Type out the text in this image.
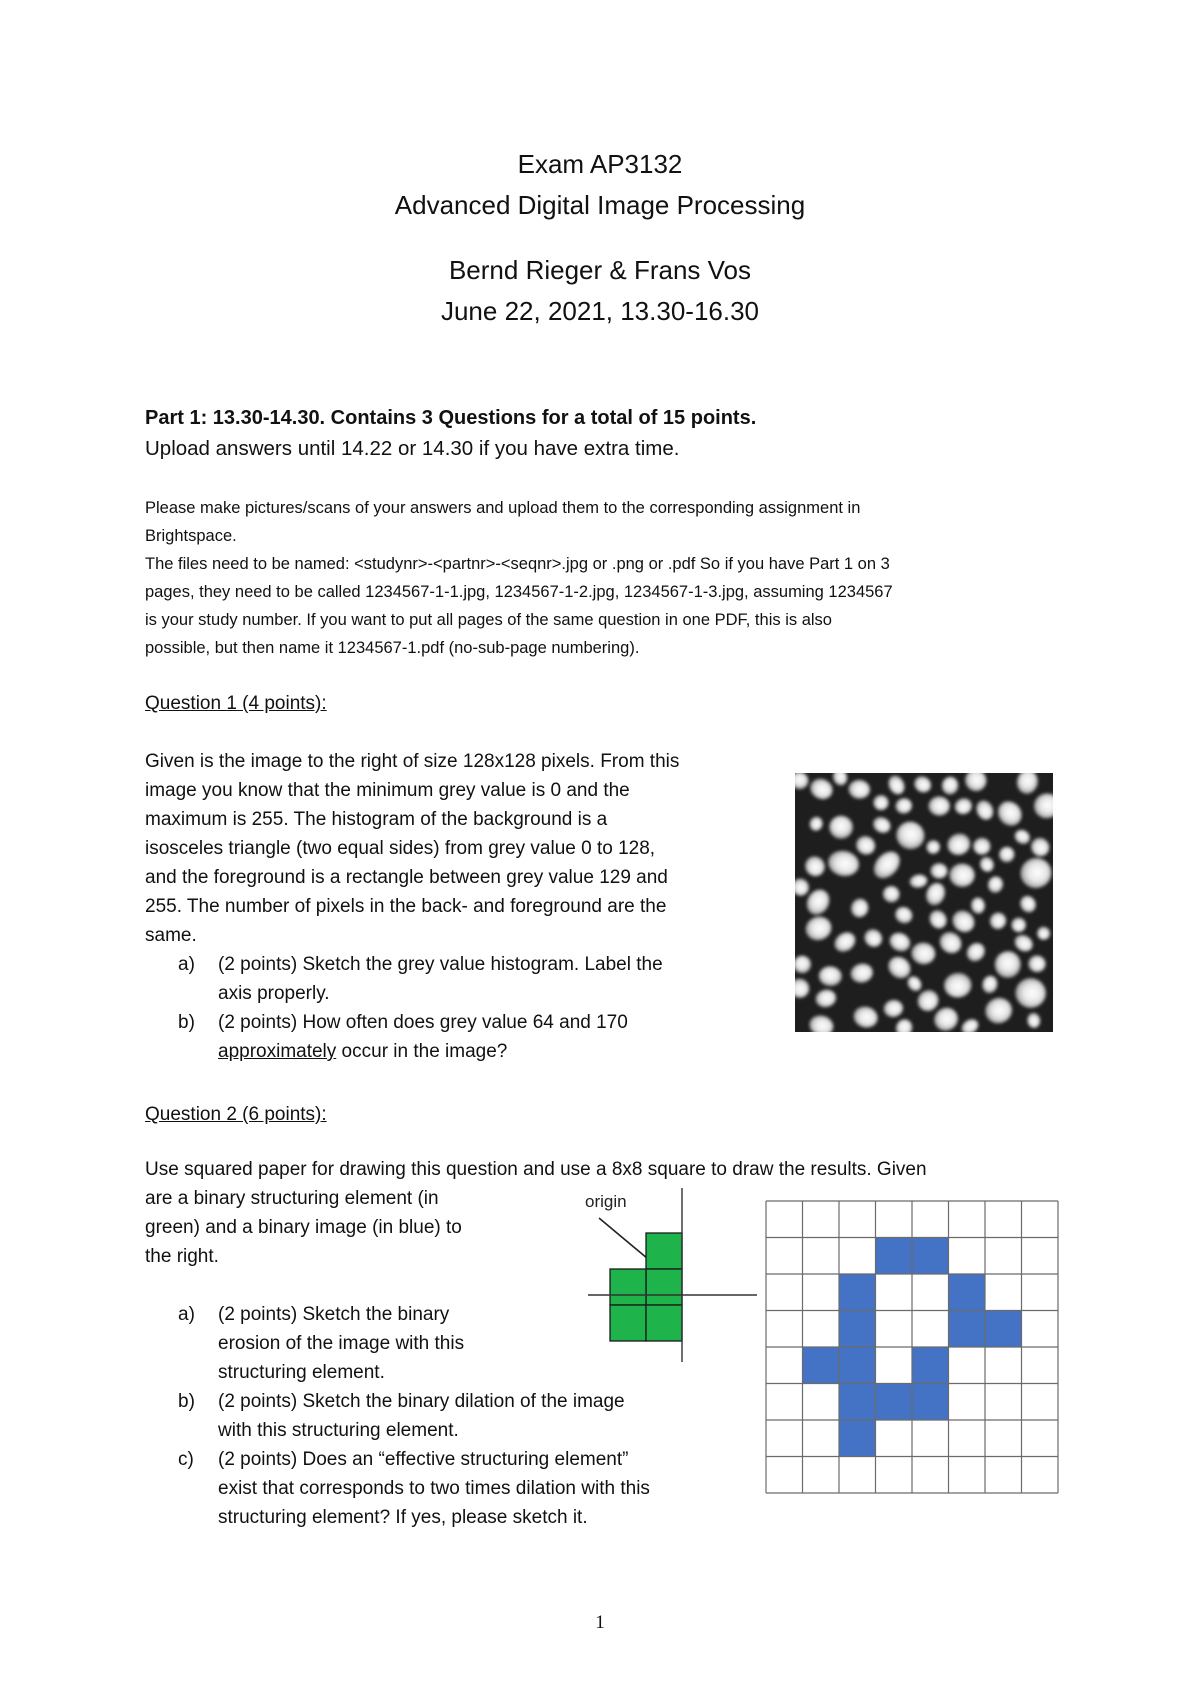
Exam AP3132
Advanced Digital Image Processing
Bernd Rieger & Frans Vos
June 22, 2021, 13.30-16.30
Part 1: 13.30-14.30. Contains 3 Questions for a total of 15 points.
Upload answers until 14.22 or 14.30 if you have extra time.
Please make pictures/scans of your answers and upload them to the corresponding assignment in
Brightspace.
The files need to be named: <studynr>-<partnr>-<seqnr>.jpg or .png or .pdf So if you have Part 1 on 3
pages, they need to be called 1234567-1-1.jpg, 1234567-1-2.jpg, 1234567-1-3.jpg, assuming 1234567
is your study number. If you want to put all pages of the same question in one PDF, this is also
possible, but then name it 1234567-1.pdf (no-sub-page numbering).
Question 1 (4 points):
Given is the image to the right of size 128x128 pixels. From this
image you know that the minimum grey value is 0 and the
maximum is 255. The histogram of the background is a
isosceles triangle (two equal sides) from grey value 0 to 128,
and the foreground is a rectangle between grey value 129 and
255. The number of pixels in the back- and foreground are the
same.
a)	(2 points) Sketch the grey value histogram. Label the
axis properly.
b)	(2 points) How often does grey value 64 and 170
approximately occur in the image?
Question 2 (6 points):
Use squared paper for drawing this question and use a 8x8 square to draw the results. Given
are a binary structuring element (in
green) and a binary image (in blue) to
the right.
a)	(2 points) Sketch the binary
erosion of the image with this
structuring element.
b)	(2 points) Sketch the binary dilation of the image
with this structuring element.
c)	(2 points) Does an “effective structuring element”
exist that corresponds to two times dilation with this
structuring element? If yes, please sketch it.
origin
1
